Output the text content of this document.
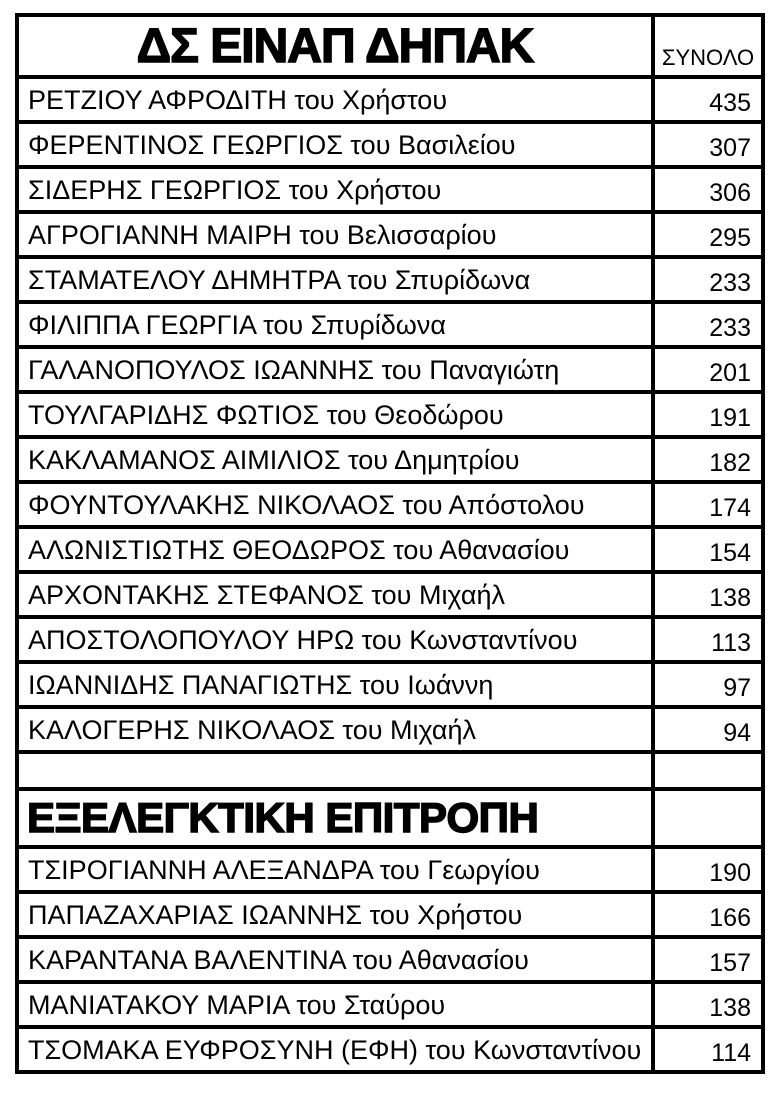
ΔΣ ΕΙΝΑΠ ΔΗΠΑΚ	ΣΥΝΟΛΟ
ΡΕΤΖΙΟΥ ΑΦΡΟΔΙΤΗ του Χρήστου	435
ΦΕΡΕΝΤΙΝΟΣ ΓΕΩΡΓΙΟΣ του Βασιλείου	307
ΣΙΔΕΡΗΣ ΓΕΩΡΓΙΟΣ του Χρήστου	306
ΑΓΡΟΓΙΑΝΝΗ ΜΑΙΡΗ του Βελισσαρίου	295
ΣΤΑΜΑΤΕΛΟΥ ΔΗΜΗΤΡΑ του Σπυρίδωνα	233
ΦΙΛΙΠΠΑ ΓΕΩΡΓΙΑ του Σπυρίδωνα	233
ΓΑΛΑΝΟΠΟΥΛΟΣ ΙΩΑΝΝΗΣ του Παναγιώτη	201
ΤΟΥΛΓΑΡΙΔΗΣ ΦΩΤΙΟΣ του Θεοδώρου	191
ΚΑΚΛΑΜΑΝΟΣ ΑΙΜΙΛΙΟΣ του Δημητρίου	182
ΦΟΥΝΤΟΥΛΑΚΗΣ ΝΙΚΟΛΑΟΣ του Απόστολου	174
ΑΛΩΝΙΣΤΙΩΤΗΣ ΘΕΟΔΩΡΟΣ του Αθανασίου	154
ΑΡΧΟΝΤΑΚΗΣ ΣΤΕΦΑΝΟΣ του Μιχαήλ	138
ΑΠΟΣΤΟΛΟΠΟΥΛΟΥ ΗΡΩ του Κωνσταντίνου	113
ΙΩΑΝΝΙΔΗΣ ΠΑΝΑΓΙΩΤΗΣ του Ιωάννη	97
ΚΑΛΟΓΕΡΗΣ ΝΙΚΟΛΑΟΣ του Μιχαήλ	94

ΕΞΕΛΕΓΚΤΙΚΗ ΕΠΙΤΡΟΠΗ	
ΤΣΙΡΟΓΙΑΝΝΗ ΑΛΕΞΑΝΔΡΑ του Γεωργίου	190
ΠΑΠΑΖΑΧΑΡΙΑΣ ΙΩΑΝΝΗΣ του Χρήστου	166
ΚΑΡΑΝΤΑΝΑ ΒΑΛΕΝΤΙΝΑ του Αθανασίου	157
ΜΑΝΙΑΤΑΚΟΥ ΜΑΡΙΑ του Σταύρου	138
ΤΣΟΜΑΚΑ ΕΥΦΡΟΣΥΝΗ (ΕΦΗ) του Κωνσταντίνου	114
